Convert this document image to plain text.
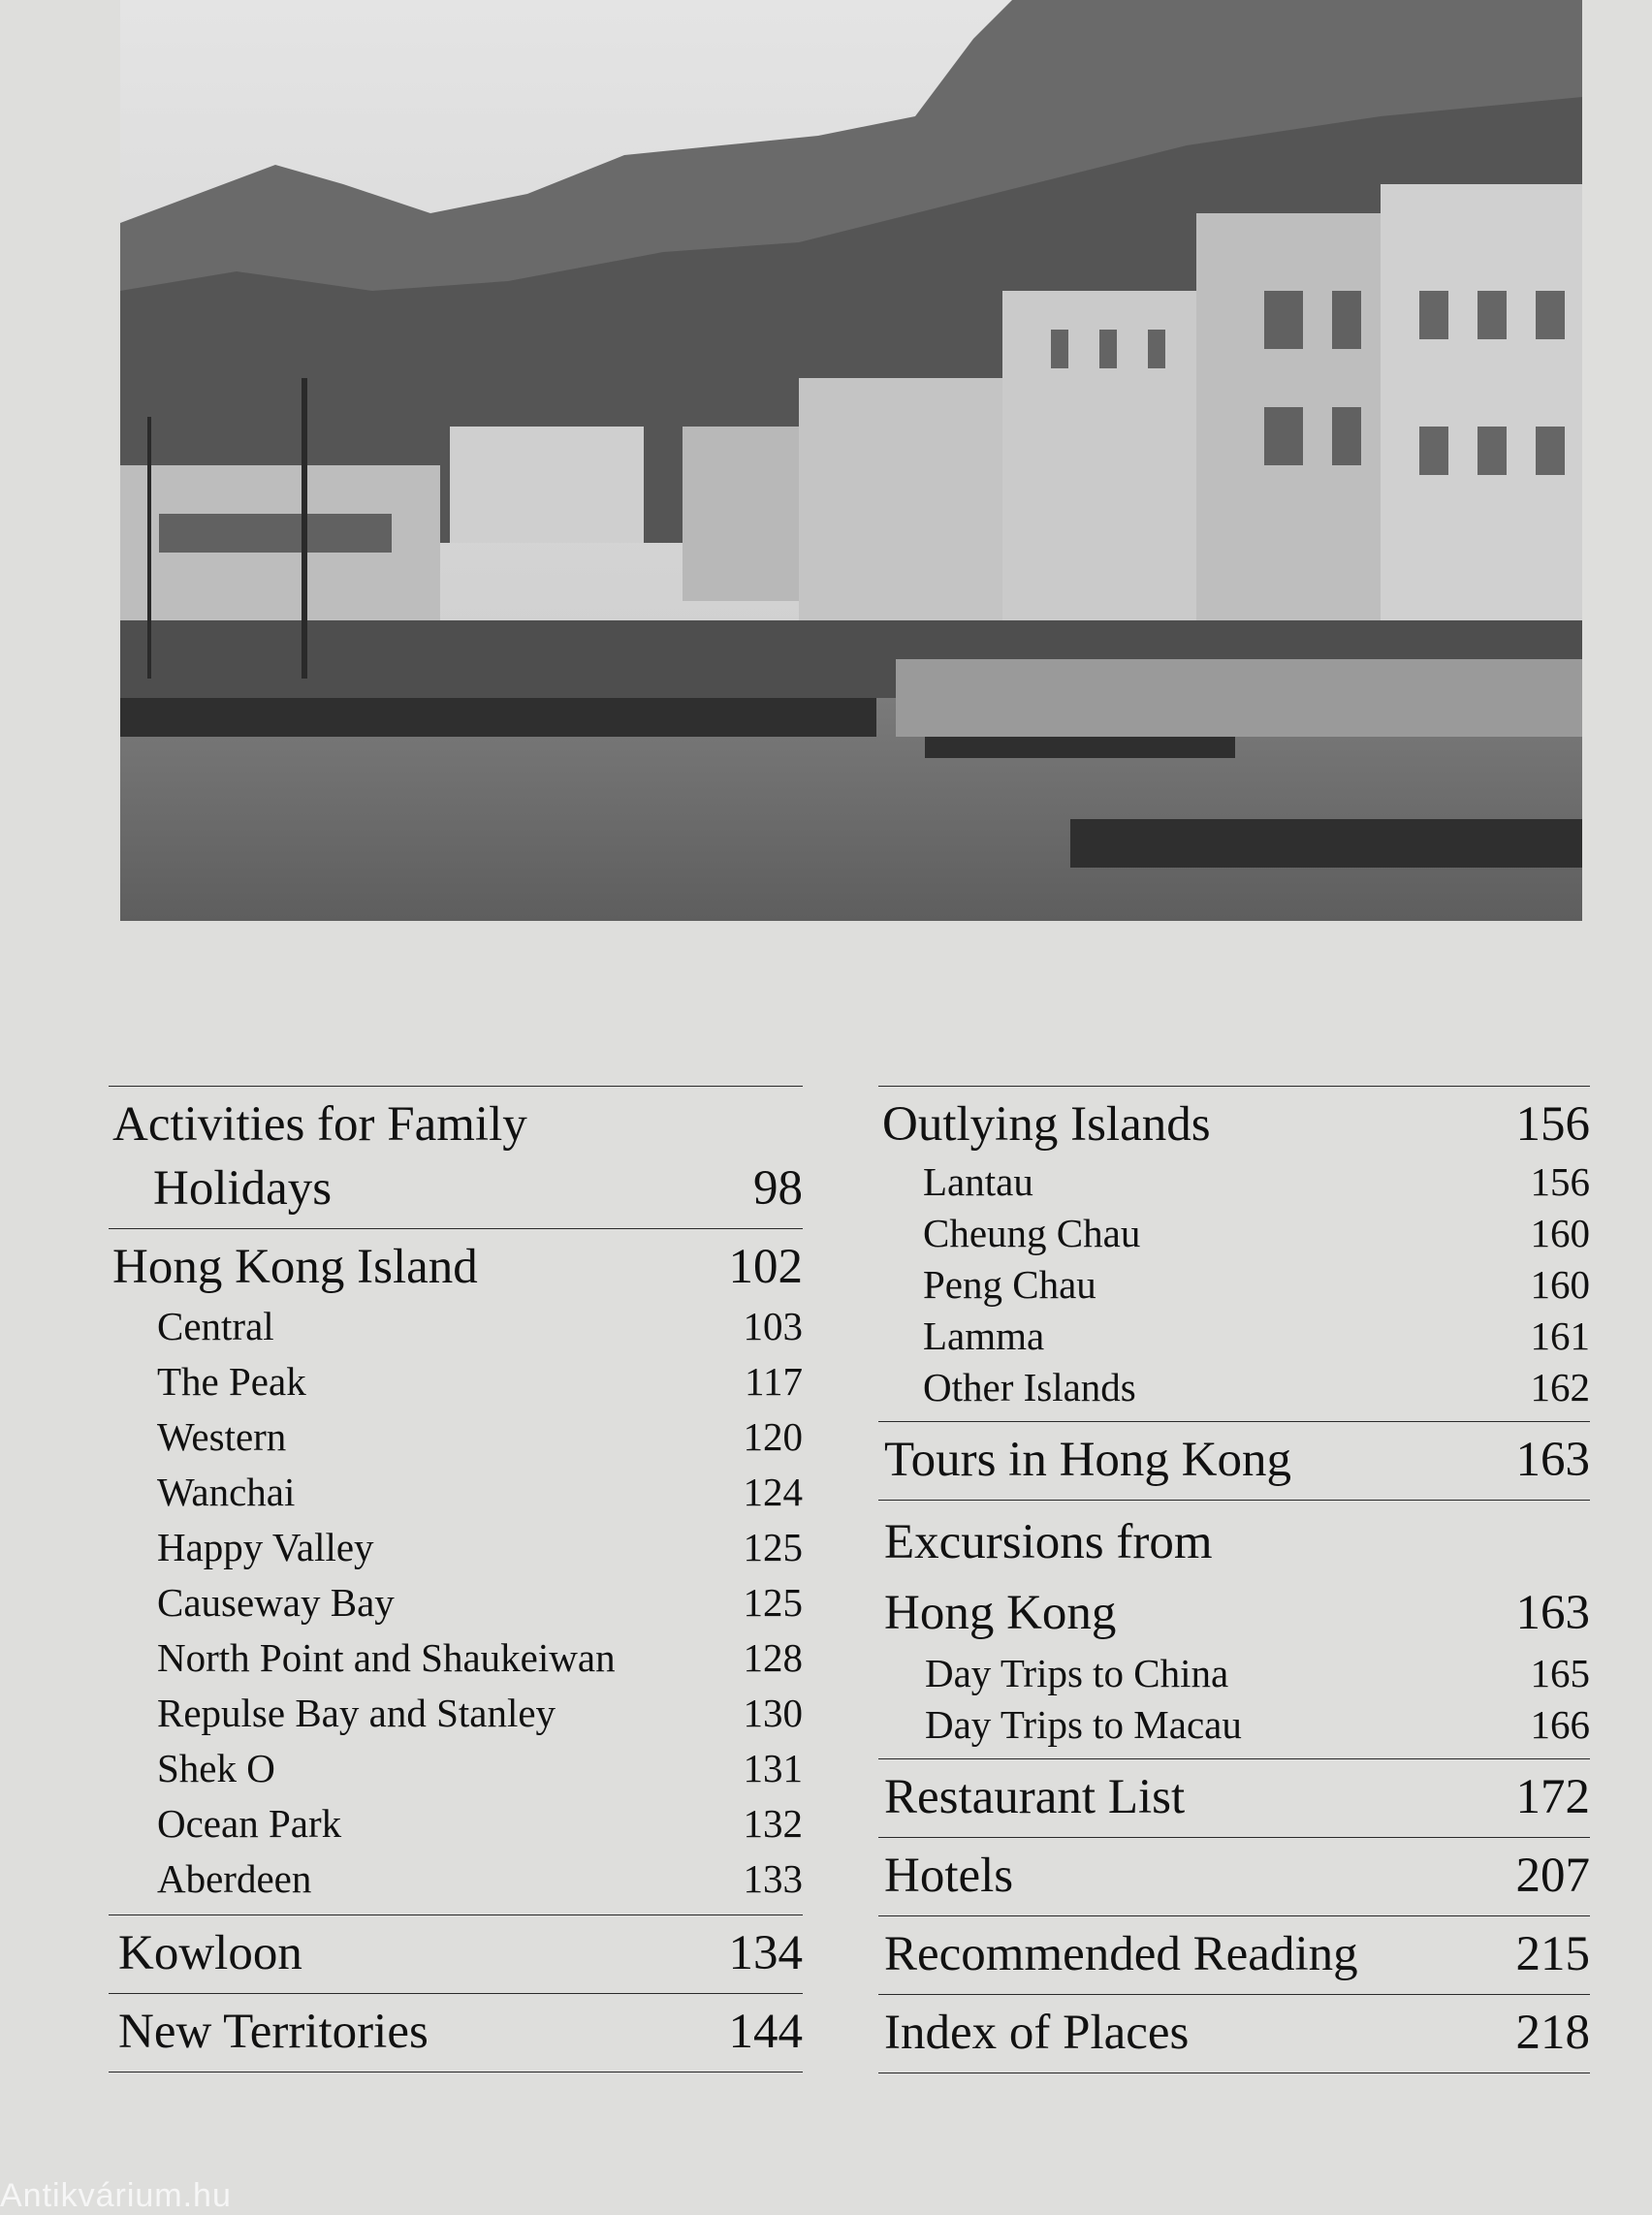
Activities for Family
Holidays	98
Hong Kong Island	102
Central	103
The Peak	117
Western	120
Wanchai	124
Happy Valley	125
Causeway Bay	125
North Point and Shaukeiwan	128
Repulse Bay and Stanley	130
Shek O	131
Ocean Park	132
Aberdeen	133
Kowloon	134
New Territories	144
Outlying Islands	156
Lantau	156
Cheung Chau	160
Peng Chau	160
Lamma	161
Other Islands	162
Tours in Hong Kong	163
Excursions from
Hong Kong	163
Day Trips to China	165
Day Trips to Macau	166
Restaurant List	172
Hotels	207
Recommended Reading	215
Index of Places	218
Antikvárium.hu
